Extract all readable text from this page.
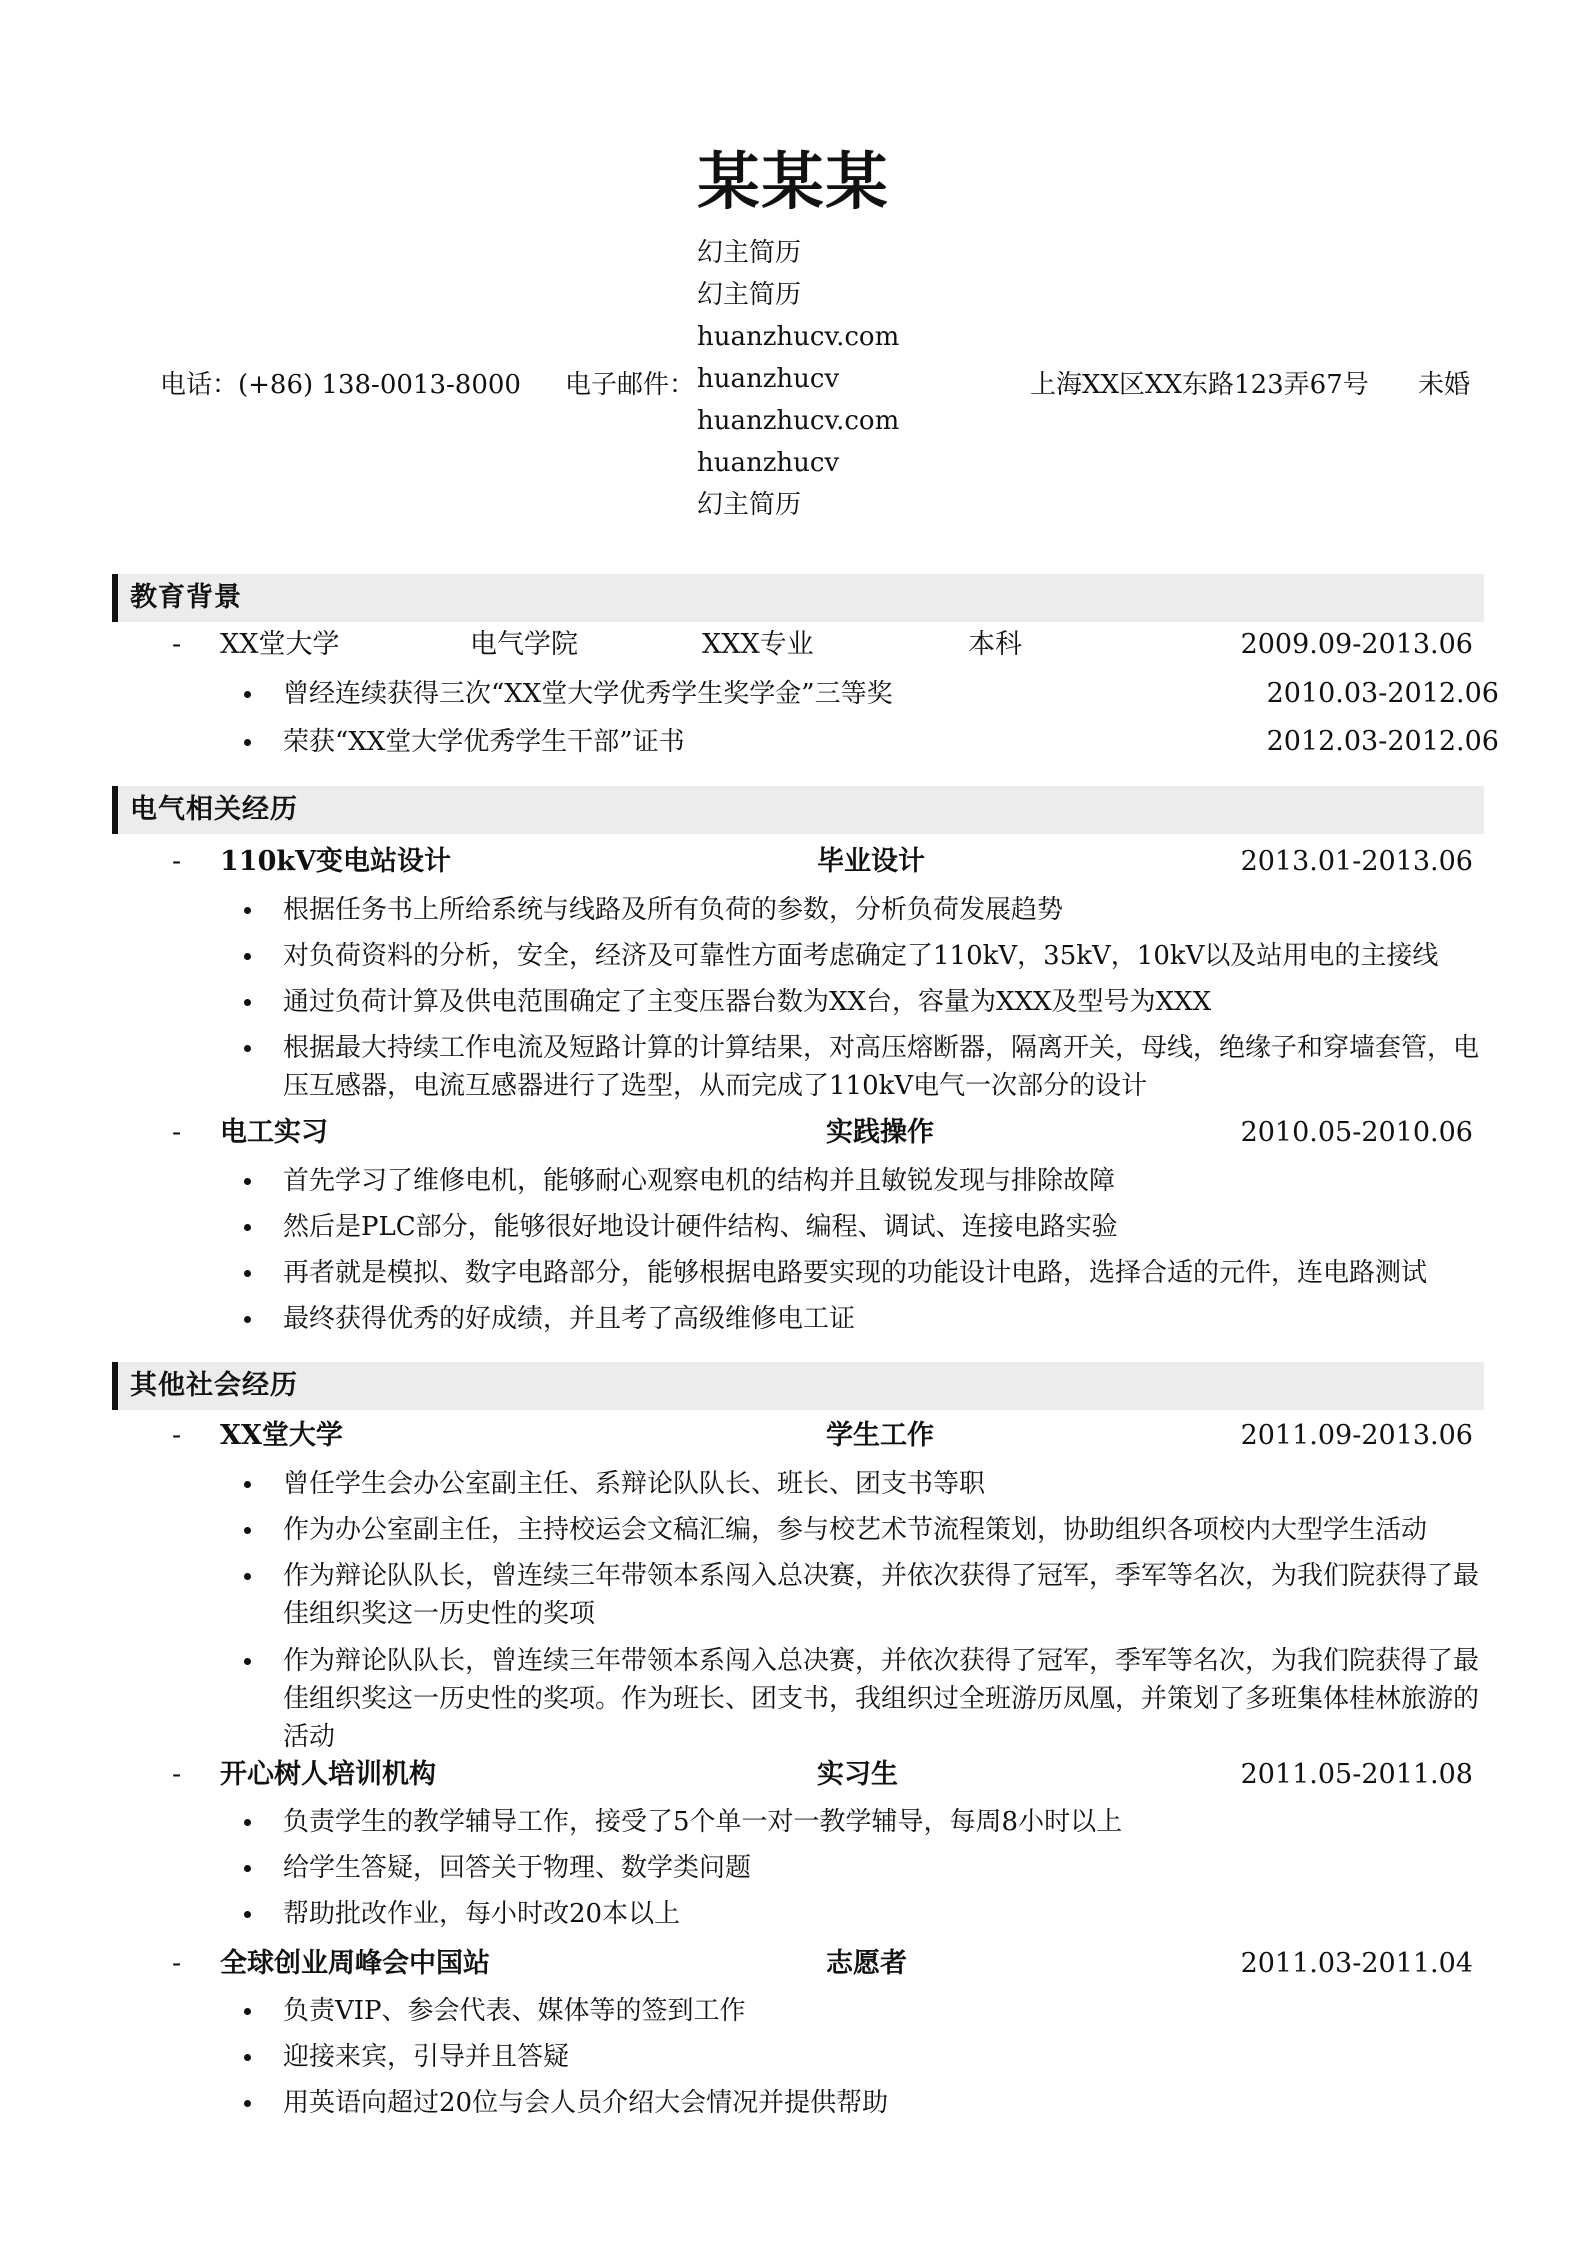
某某某
电话：(+86) 138-0013-8000 电子邮件：
幻主简历
幻主简历
huanzhucv.com
huanzhucv
huanzhucv.com
huanzhucv
幻主简历
上海XX区XX东路123弄67号 未婚
教育背景
- XX堂大学	电气学院	XXX专业	本科	2009.09-2013.06
曾经连续获得三次“XX堂大学优秀学生奖学金”三等奖	2010.03-2012.06
荣获“XX堂大学优秀学生干部”证书	2012.03-2012.06
电气相关经历
- 110kV变电站设计	毕业设计	2013.01-2013.06
根据任务书上所给系统与线路及所有负荷的参数，分析负荷发展趋势
对负荷资料的分析，安全，经济及可靠性方面考虑确定了110kV，35kV，10kV以及站用电的主接线
通过负荷计算及供电范围确定了主变压器台数为XX台，容量为XXX及型号为XXX
根据最大持续工作电流及短路计算的计算结果，对高压熔断器，隔离开关，母线，绝缘子和穿墙套管，电压互感器，电流互感器进行了选型，从而完成了110kV电气一次部分的设计
- 电工实习	实践操作	2010.05-2010.06
首先学习了维修电机，能够耐心观察电机的结构并且敏锐发现与排除故障
然后是PLC部分，能够很好地设计硬件结构、编程、调试、连接电路实验
再者就是模拟、数字电路部分，能够根据电路要实现的功能设计电路，选择合适的元件，连电路测试
最终获得优秀的好成绩，并且考了高级维修电工证
其他社会经历
- XX堂大学	学生工作	2011.09-2013.06
曾任学生会办公室副主任、系辩论队队长、班长、团支书等职
作为办公室副主任，主持校运会文稿汇编，参与校艺术节流程策划，协助组织各项校内大型学生活动
作为辩论队队长，曾连续三年带领本系闯入总决赛，并依次获得了冠军，季军等名次，为我们院获得了最佳组织奖这一历史性的奖项
作为辩论队队长，曾连续三年带领本系闯入总决赛，并依次获得了冠军，季军等名次，为我们院获得了最佳组织奖这一历史性的奖项。作为班长、团支书，我组织过全班游历凤凰，并策划了多班集体桂林旅游的活动
- 开心树人培训机构	实习生	2011.05-2011.08
负责学生的教学辅导工作，接受了5个单一对一教学辅导，每周8小时以上
给学生答疑，回答关于物理、数学类问题
帮助批改作业，每小时改20本以上
- 全球创业周峰会中国站	志愿者	2011.03-2011.04
负责VIP、参会代表、媒体等的签到工作
迎接来宾，引导并且答疑
用英语向超过20位与会人员介绍大会情况并提供帮助
